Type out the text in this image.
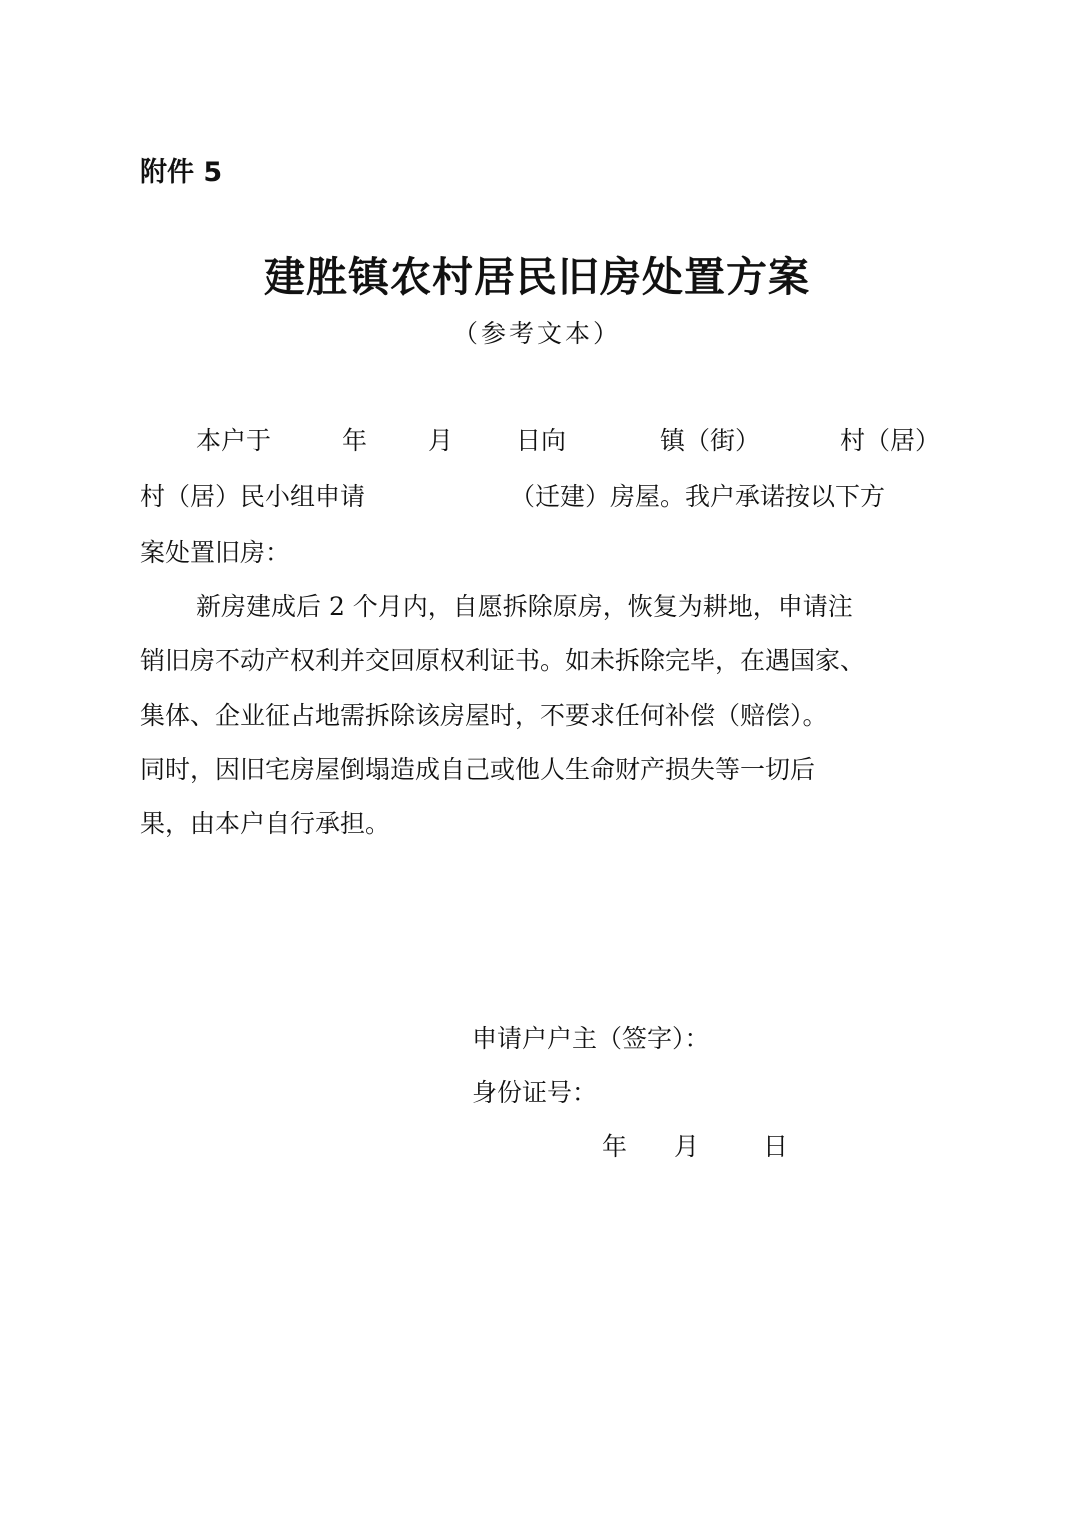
附件 5
建胜镇农村居民旧房处置方案
（参考文本）
本户于	年 月	日向	镇（街）	村（居）
村（居）民小组申请	（迁建）房屋。我户承诺按以下方
案处置旧房：
新房建成后 2 个月内，自愿拆除原房，恢复为耕地，申请注
销旧房不动产权利并交回原权利证书。如未拆除完毕，在遇国家、
集体、企业征占地需拆除该房屋时，不要求任何补偿（赔偿）。
同时，因旧宅房屋倒塌造成自己或他人生命财产损失等一切后
果，由本户自行承担。
申请户户主（签字）：
身份证号：
年 月	日
